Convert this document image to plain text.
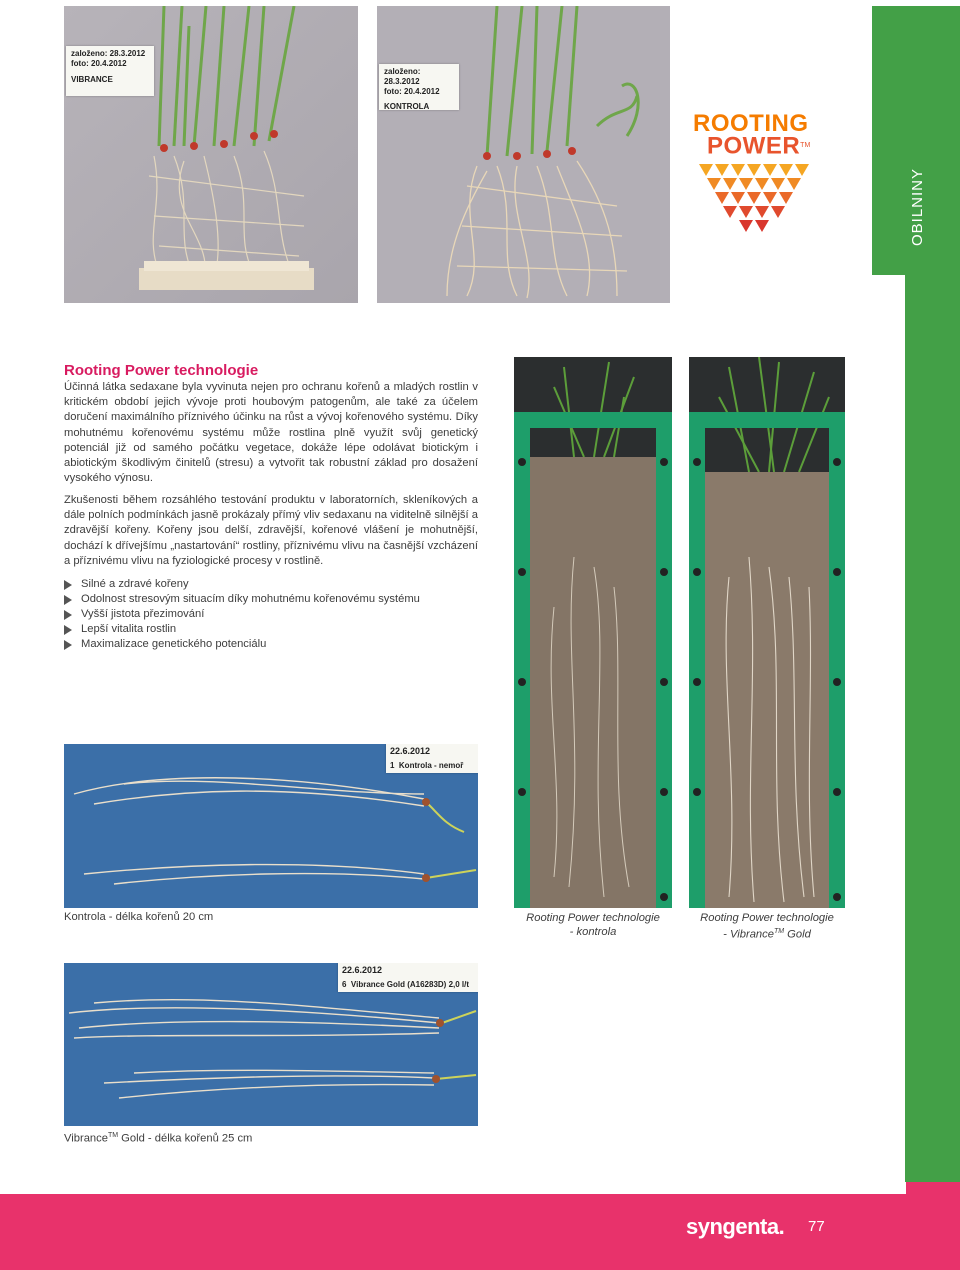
OBILNINY
založeno: 28.3.2012
foto: 20.4.2012
VIBRANCE
založeno: 28.3.2012
foto: 20.4.2012
KONTROLA
ROOTING
POWER™
Rooting Power technologie
Účinná látka sedaxane byla vyvinuta nejen pro ochranu kořenů a mladých rostlin v kritickém období jejich vývoje proti houbovým patogenům, ale také za účelem doručení maximálního příznivého účinku na růst a vývoj kořenového systému. Díky mohutnému kořenovému systému může rostlina plně využít svůj genetický potenciál již od samého počátku vegetace, dokáže lépe odolávat biotickým i abiotickým škodlivým činitelů (stresu) a vytvořit tak robustní základ pro dosažení vysokého výnosu.
Zkušenosti během rozsáhlého testování produktu v laboratorních, skleníkových a dále polních podmínkách jasně prokázaly přímý vliv sedaxanu na viditelně silnější a zdravější kořeny. Kořeny jsou delší, zdravější, kořenové vlášení je mohutnější, dochází k dřívejšímu „nastartování“ rostliny, příznivému vlivu na časnější vzcházení a příznivému vlivu na fyziologické procesy v rostlině.
Silné a zdravé kořeny
Odolnost stresovým situacím díky mohutnému kořenovému systému
Vyšší jistota přezimování
Lepší vitalita rostlin
Maximalizace genetického potenciálu
Rooting Power technologie
- kontrola
Rooting Power technologie
- Vibrance™ Gold
22.6.2012
1 Kontrola - nemoř
Kontrola - délka kořenů 20 cm
22.6.2012
6 Vibrance Gold (A16283D) 2,0 l/t
Vibrance™ Gold - délka kořenů 25 cm
syngenta. 77
